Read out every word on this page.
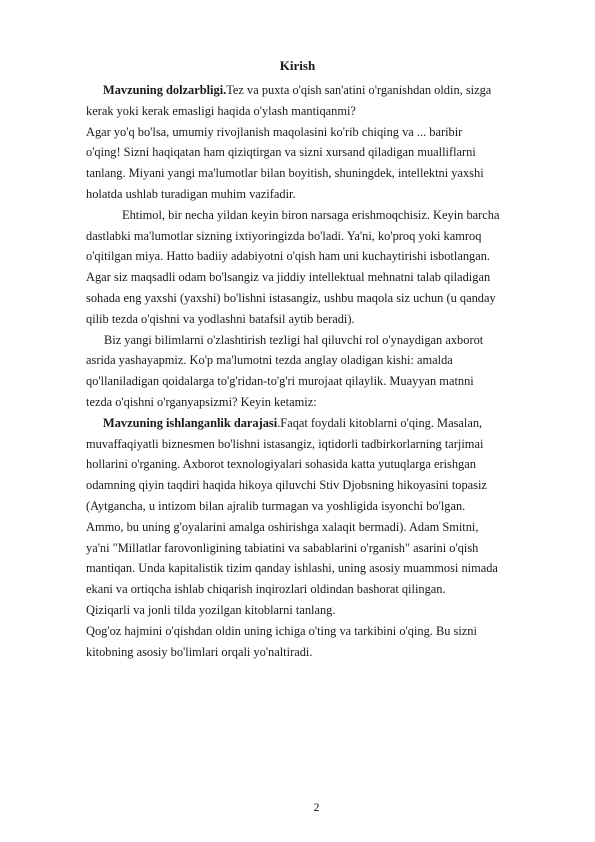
Kirish
Mavzuning dolzarbligi.Tez va puxta o'qish san'atini o'rganishdan oldin, sizga
kerak yoki kerak emasligi haqida o'ylash mantiqanmi?
Agar yo'q bo'lsa, umumiy rivojlanish maqolasini ko'rib chiqing va ... baribir
o'qing! Sizni haqiqatan ham qiziqtirgan va sizni xursand qiladigan mualliflarni
tanlang. Miyani yangi ma'lumotlar bilan boyitish, shuningdek, intellektni yaxshi
holatda ushlab turadigan muhim vazifadir.
Ehtimol, bir necha yildan keyin biron narsaga erishmoqchisiz. Keyin barcha
dastlabki ma'lumotlar sizning ixtiyoringizda bo'ladi. Ya'ni, ko'proq yoki kamroq
o'qitilgan miya. Hatto badiiy adabiyotni o'qish ham uni kuchaytirishi isbotlangan.
Agar siz maqsadli odam bo'lsangiz va jiddiy intellektual mehnatni talab qiladigan
sohada eng yaxshi (yaxshi) bo'lishni istasangiz, ushbu maqola siz uchun (u qanday
qilib tezda o'qishni va yodlashni batafsil aytib beradi).
Biz yangi bilimlarni o'zlashtirish tezligi hal qiluvchi rol o'ynaydigan axborot
asrida yashayapmiz. Ko'p ma'lumotni tezda anglay oladigan kishi: amalda
qo'llaniladigan qoidalarga to'g'ridan-to'g'ri murojaat qilaylik. Muayyan matnni
tezda o'qishni o'rganyapsizmi? Keyin ketamiz:
Mavzuning ishlanganlik darajasi.Faqat foydali kitoblarni o'qing. Masalan,
muvaffaqiyatli biznesmen bo'lishni istasangiz, iqtidorli tadbirkorlarning tarjimai
hollarini o'rganing. Axborot texnologiyalari sohasida katta yutuqlarga erishgan
odamning qiyin taqdiri haqida hikoya qiluvchi Stiv Djobsning hikoyasini topasiz
(Aytgancha, u intizom bilan ajralib turmagan va yoshligida isyonchi bo'lgan.
Ammo, bu uning g'oyalarini amalga oshirishga xalaqit bermadi). Adam Smitni,
ya'ni "Millatlar farovonligining tabiatini va sabablarini o'rganish" asarini o'qish
mantiqan. Unda kapitalistik tizim qanday ishlashi, uning asosiy muammosi nimada
ekani va ortiqcha ishlab chiqarish inqirozlari oldindan bashorat qilingan.
Qiziqarli va jonli tilda yozilgan kitoblarni tanlang.
Qog'oz hajmini o'qishdan oldin uning ichiga o'ting va tarkibini o'qing. Bu sizni
kitobning asosiy bo'limlari orqali yo'naltiradi.
2
